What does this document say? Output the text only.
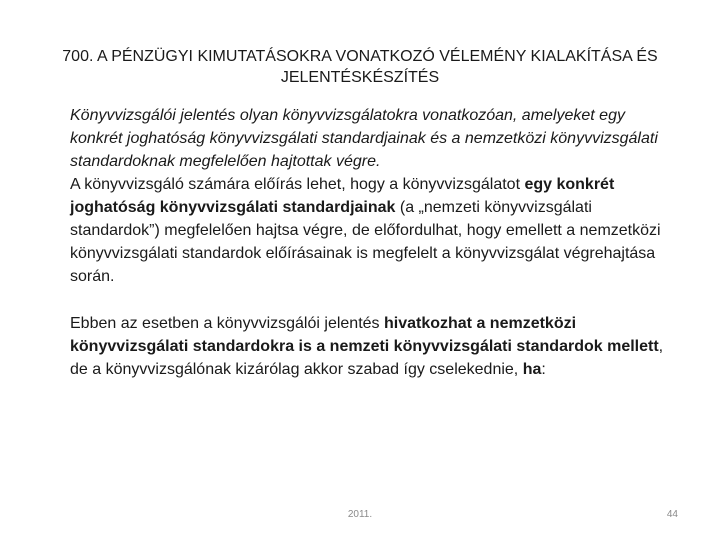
700. A PÉNZÜGYI KIMUTATÁSOKRA VONATKOZÓ VÉLEMÉNY KIALAKÍTÁSA ÉS
JELENTÉSKÉSZÍTÉS

Könyvvizsgálói jelentés olyan könyvvizsgálatokra vonatkozóan, amelyeket egy konkrét joghatóság könyvvizsgálati standardjainak és a nemzetközi könyvvizsgálati standardoknak megfelelően hajtottak végre.

A könyvvizsgáló számára előírás lehet, hogy a könyvvizsgálatot egy konkrét joghatóság könyvvizsgálati standardjainak (a „nemzeti könyvvizsgálati standardok”) megfelelően hajtsa végre, de előfordulhat, hogy emellett a nemzetközi könyvvizsgálati standardok előírásainak is megfelelt a könyvvizsgálat végrehajtása során.

Ebben az esetben a könyvvizsgálói jelentés hivatkozhat a nemzetközi könyvvizsgálati standardokra is a nemzeti könyvvizsgálati standardok mellett, de a könyvvizsgálónak kizárólag akkor szabad így cselekednie, ha:

2011.	44
